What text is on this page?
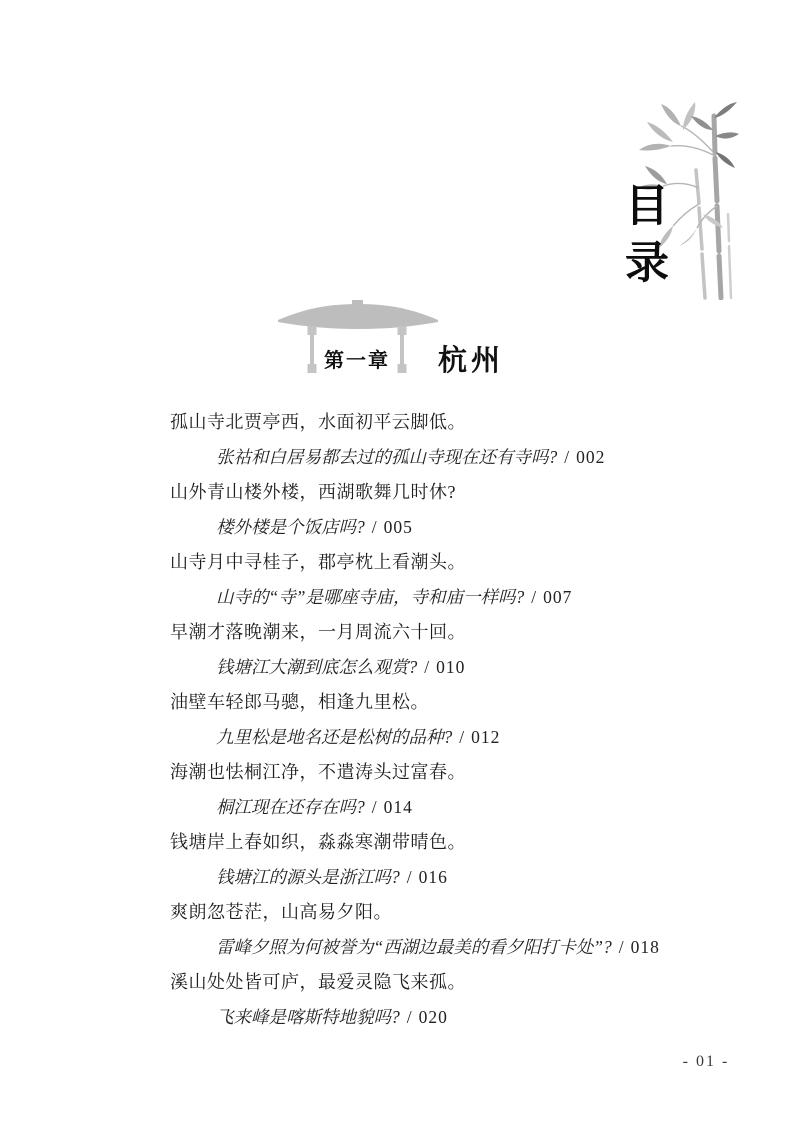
目录
第一章	杭州
孤山寺北贾亭西，水面初平云脚低。
张祜和白居易都去过的孤山寺现在还有寺吗? / 002
山外青山楼外楼，西湖歌舞几时休?
楼外楼是个饭店吗? / 005
山寺月中寻桂子，郡亭枕上看潮头。
山寺的“寺”是哪座寺庙，寺和庙一样吗? / 007
早潮才落晚潮来，一月周流六十回。
钱塘江大潮到底怎么观赏? / 010
油壁车轻郎马骢，相逢九里松。
九里松是地名还是松树的品种? / 012
海潮也怯桐江净，不遣涛头过富春。
桐江现在还存在吗? / 014
钱塘岸上春如织，淼淼寒潮带晴色。
钱塘江的源头是浙江吗? / 016
爽朗忽苍茫，山高易夕阳。
雷峰夕照为何被誉为“西湖边最美的看夕阳打卡处”? / 018
溪山处处皆可庐，最爱灵隐飞来孤。
飞来峰是喀斯特地貌吗? / 020
- 01 -
